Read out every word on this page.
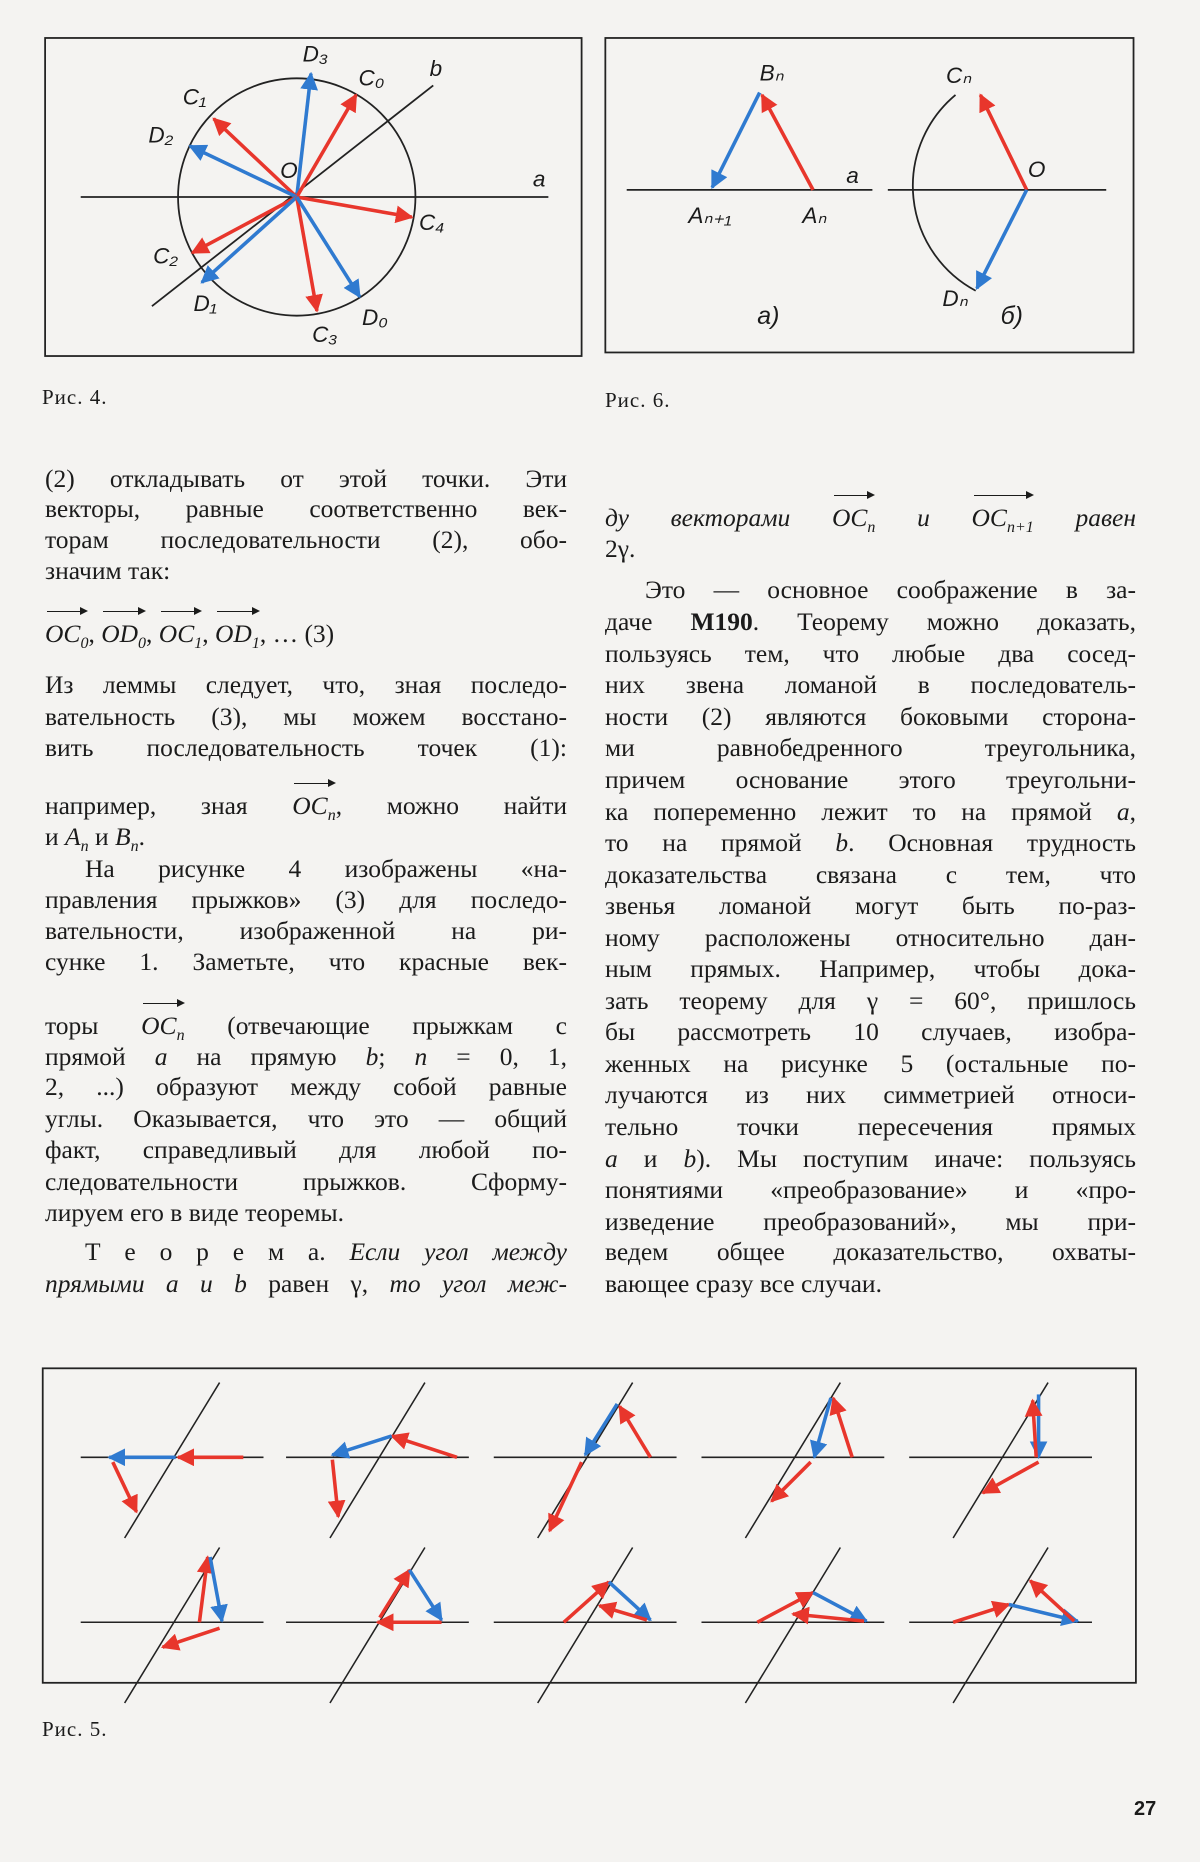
D₃
C₀ b
C₁
D₂
O	a
C₄
C₂
D₁
C₃
D₀
Bₙ
a
Aₙ₊₁	Aₙ
а)
Cₙ
O
Dₙ
б)
Рис. 4.	Рис. 6.
Рис. 5.
27
(2) откладывать от этой точки. Эти
векторы, равные соответственно век-
торам последовательности (2), обо-
значим так:
$OC_0$, $OD_0$, $OC_1$, $OD_1$, … (3)
Из леммы следует, что, зная последо-
вательность (3), мы можем восстано-
вить последовательность точек (1):
например, зная $OC_n$, можно найти
и $A_n$ и $B_n$.
На рисунке 4 изображены «на-
правления прыжков» (3) для последо-
вательности, изображенной на ри-
сунке 1. Заметьте, что красные век-
торы $OC_n$ (отвечающие прыжкам с
прямой a на прямую b; n = 0, 1,
2, ...) образуют между собой равные
углы. Оказывается, что это — общий
факт, справедливый для любой по-
следовательности прыжков. Сформу-
лируем его в виде теоремы.
Т е о р е м а. Если угол между
прямыми a и b равен γ, то угол меж-
ду векторами $OC_n$ и $OC_{n+1}$ равен
2γ.
Это — основное соображение в за-
даче M190. Теорему можно доказать,
пользуясь тем, что любые два сосед-
них звена ломаной в последователь-
ности (2) являются боковыми сторона-
ми равнобедренного треугольника,
причем основание этого треугольни-
ка попеременно лежит то на прямой a,
то на прямой b. Основная трудность
доказательства связана с тем, что
звенья ломаной могут быть по-раз-
ному расположены относительно дан-
ным прямых. Например, чтобы дока-
зать теорему для γ = 60°, пришлось
бы рассмотреть 10 случаев, изобра-
женных на рисунке 5 (остальные по-
лучаются из них симметрией относи-
тельно точки пересечения прямых
a и b). Мы поступим иначе: пользуясь
понятиями «преобразование» и «про-
изведение преобразований», мы при-
ведем общее доказательство, охваты-
вающее сразу все случаи.
